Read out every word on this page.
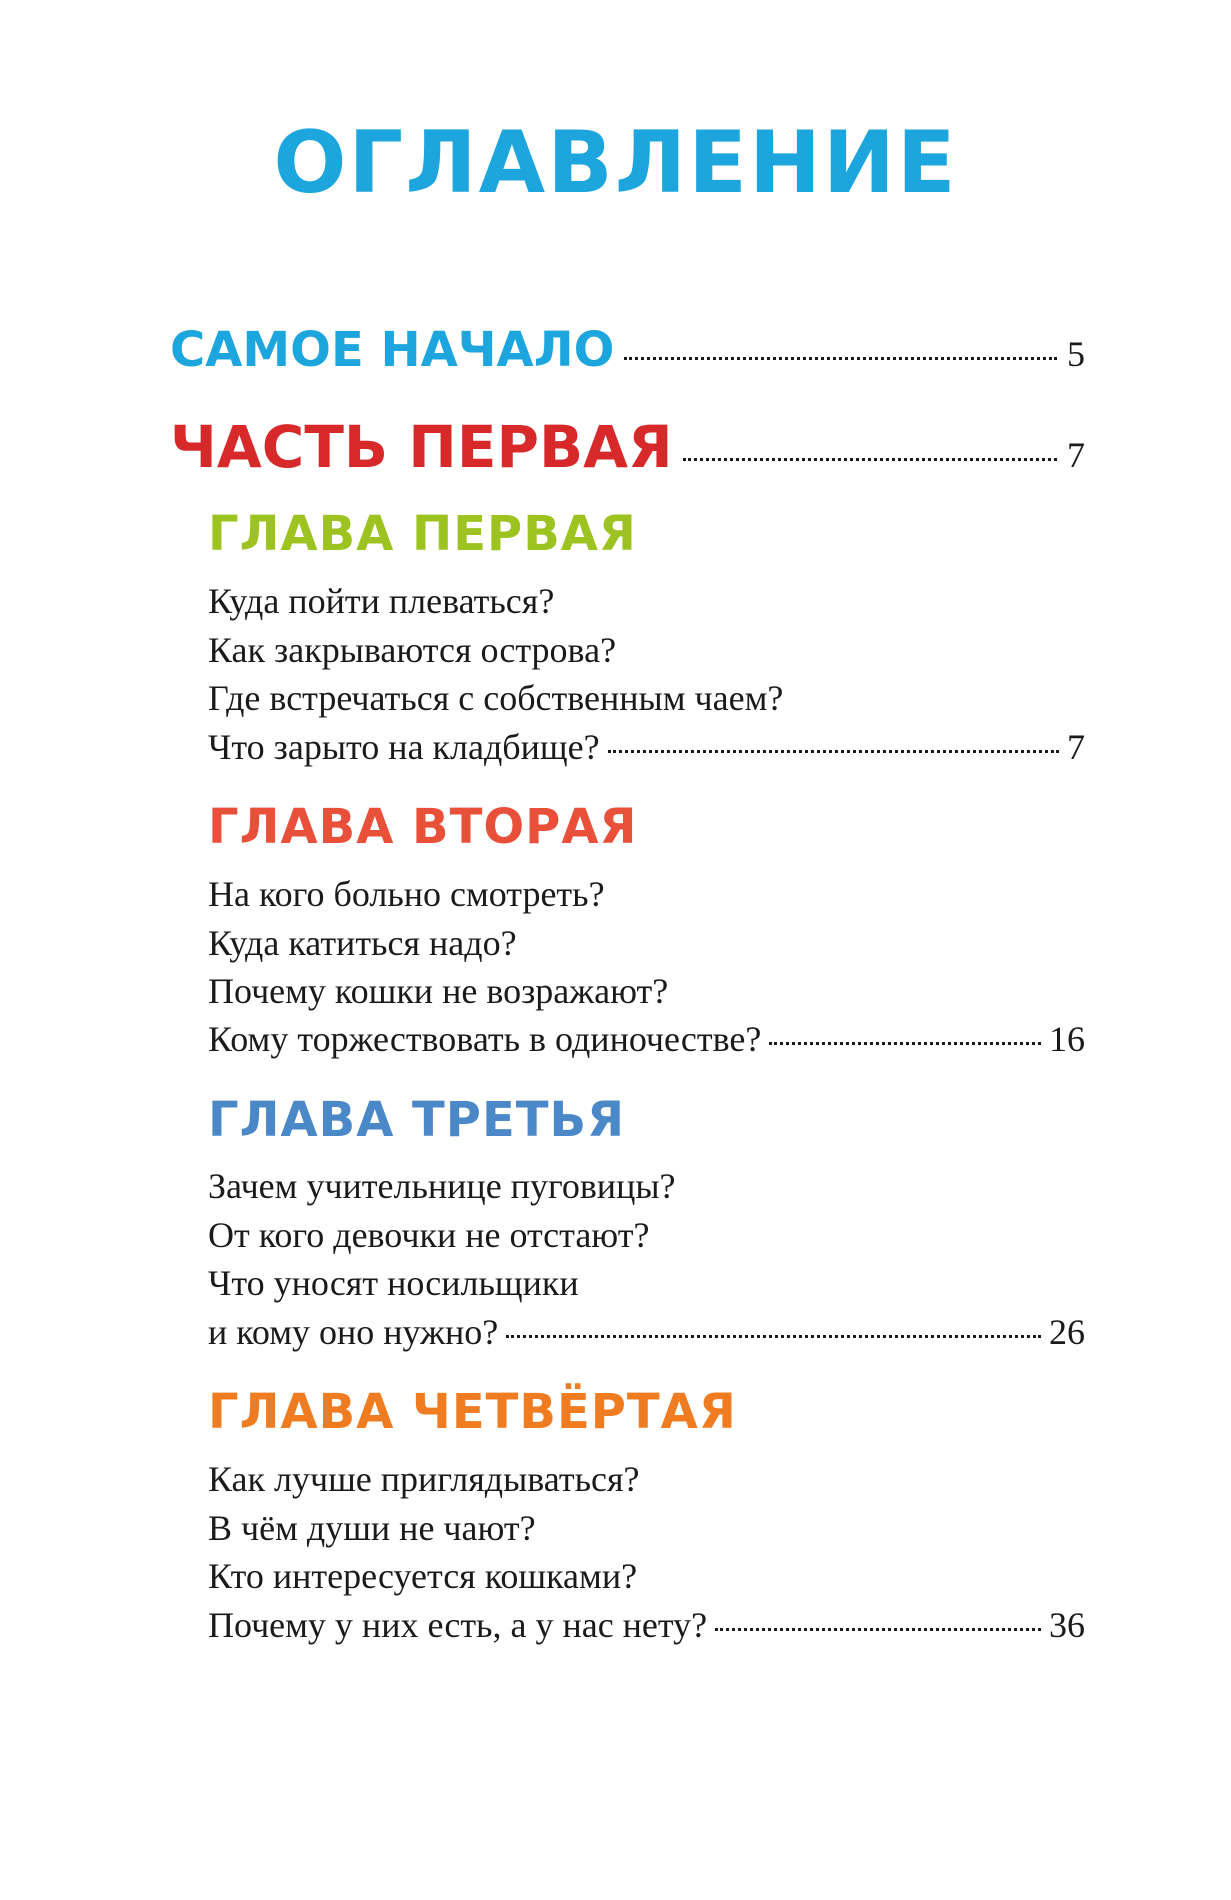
ОГЛАВЛЕНИЕ
САМОЕ НАЧАЛО	5
ЧАСТЬ ПЕРВАЯ	7
ГЛАВА ПЕРВАЯ
Куда пойти плеваться?
Как закрываются острова?
Где встречаться с собственным чаем?
Что зарыто на кладбище?	7
ГЛАВА ВТОРАЯ
На кого больно смотреть?
Куда катиться надо?
Почему кошки не возражают?
Кому торжествовать в одиночестве?	16
ГЛАВА ТРЕТЬЯ
Зачем учительнице пуговицы?
От кого девочки не отстают?
Что уносят носильщики
и кому оно нужно?	26
ГЛАВА ЧЕТВЁРТАЯ
Как лучше приглядываться?
В чём души не чают?
Кто интересуется кошками?
Почему у них есть, а у нас нету?	36
